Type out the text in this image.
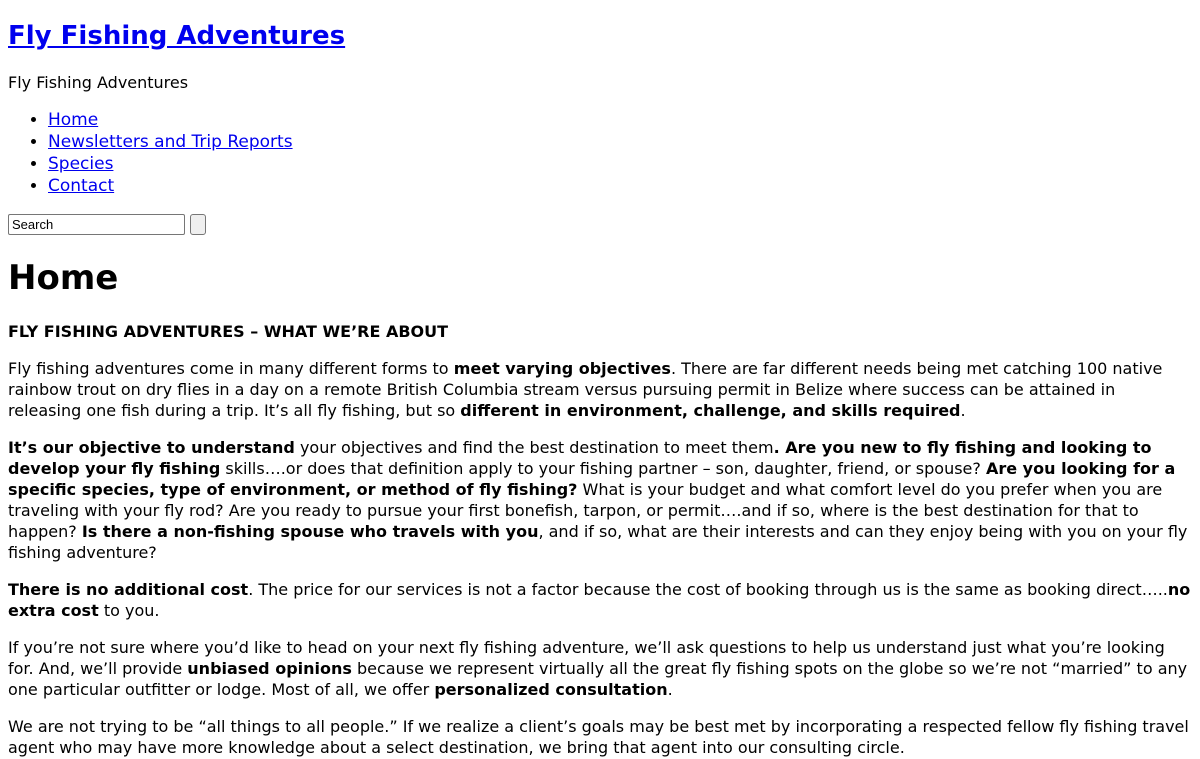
Fly Fishing Adventures

Fly Fishing Adventures

• Home
• Newsletters and Trip Reports
• Species
• Contact
Search
Home

FLY FISHING ADVENTURES – WHAT WE’RE ABOUT

Fly fishing adventures come in many different forms to meet varying objectives. There are far different needs being met catching 100 native rainbow trout on dry flies in a day on a remote British Columbia stream versus pursuing permit in Belize where success can be attained in releasing one fish during a trip. It’s all fly fishing, but so different in environment, challenge, and skills required.

It’s our objective to understand your objectives and find the best destination to meet them. Are you new to fly fishing and looking to develop your fly fishing skills….or does that definition apply to your fishing partner – son, daughter, friend, or spouse? Are you looking for a specific species, type of environment, or method of fly fishing? What is your budget and what comfort level do you prefer when you are traveling with your fly rod? Are you ready to pursue your first bonefish, tarpon, or permit….and if so, where is the best destination for that to happen? Is there a non-fishing spouse who travels with you, and if so, what are their interests and can they enjoy being with you on your fly fishing adventure?

There is no additional cost. The price for our services is not a factor because the cost of booking through us is the same as booking direct…..no extra cost to you.

If you’re not sure where you’d like to head on your next fly fishing adventure, we’ll ask questions to help us understand just what you’re looking for. And, we’ll provide unbiased opinions because we represent virtually all the great fly fishing spots on the globe so we’re not “married” to any one particular outfitter or lodge. Most of all, we offer personalized consultation.

We are not trying to be “all things to all people.” If we realize a client’s goals may be best met by incorporating a respected fellow fly fishing travel agent who may have more knowledge about a select destination, we bring that agent into our consulting circle.
